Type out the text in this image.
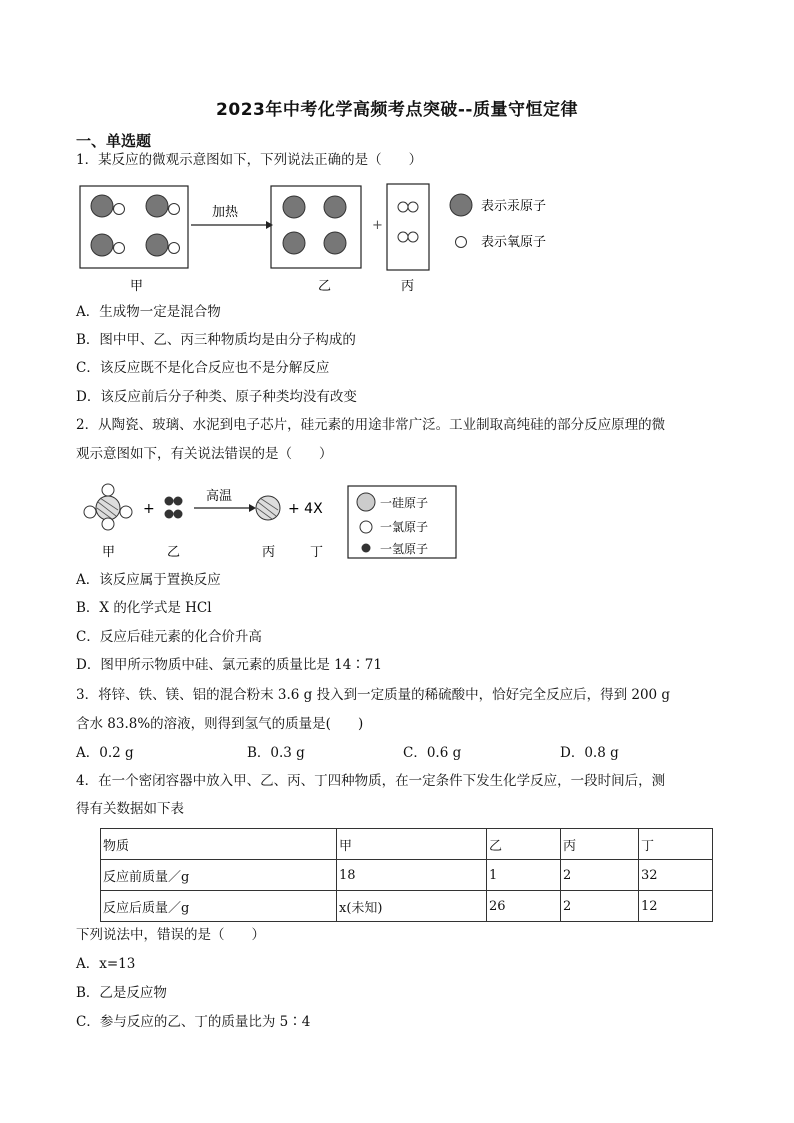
2023年中考化学高频考点突破--质量守恒定律
一、单选题
1．某反应的微观示意图如下，下列说法正确的是（　　）
加热
+
表示汞原子
表示氧原子
甲	乙	丙
A．生成物一定是混合物
B．图中甲、乙、丙三种物质均是由分子构成的
C．该反应既不是化合反应也不是分解反应
D．该反应前后分子种类、原子种类均没有改变
2．从陶瓷、玻璃、水泥到电子芯片，硅元素的用途非常广泛。工业制取高纯硅的部分反应原理的微
观示意图如下，有关说法错误的是（　　）
+
高温
+ 4X	一硅原子
一氯原子
一氢原子
甲	乙	丙	丁
A．该反应属于置换反应
B．X 的化学式是 HCl
C．反应后硅元素的化合价升高
D．图甲所示物质中硅、氯元素的质量比是 14∶71
3．将锌、铁、镁、铝的混合粉末 3.6 g 投入到一定质量的稀硫酸中，恰好完全反应后，得到 200 g
含水 83.8%的溶液，则得到氢气的质量是(　　)
A．0.2 g	B．0.3 g	C．0.6 g	D．0.8 g
4．在一个密闭容器中放入甲、乙、丙、丁四种物质，在一定条件下发生化学反应，一段时间后，测
得有关数据如下表
物质	甲	乙	丙	丁
反应前质量／g	18	1	2	32
反应后质量／g	x(未知)	26	2	12
下列说法中，错误的是（　　）
A．x=13
B．乙是反应物
C．参与反应的乙、丁的质量比为 5∶4
